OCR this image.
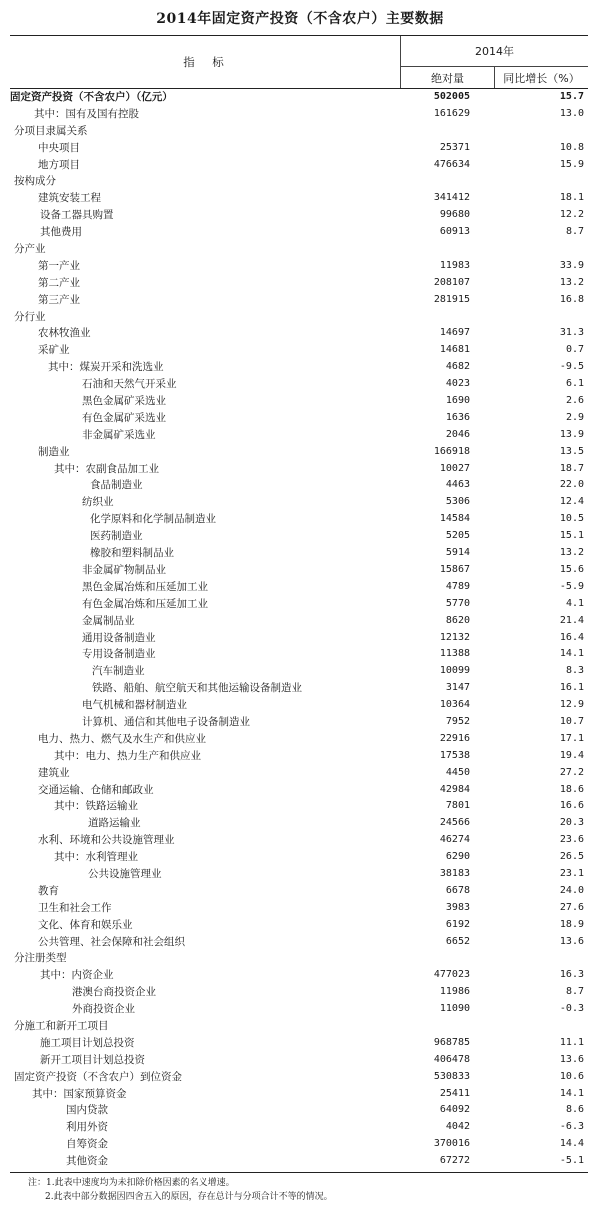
2014年固定资产投资（不含农户）主要数据
指　标
2014年
绝对量	同比增长（%）
固定资产投资（不含农户）（亿元）	502005	15.7
其中：国有及国有控股	161629	13.0
分项目隶属关系
中央项目	25371	10.8
地方项目	476634	15.9
按构成分
建筑安装工程	341412	18.1
设备工器具购置	99680	12.2
其他费用	60913	8.7
分产业
第一产业	11983	33.9
第二产业	208107	13.2
第三产业	281915	16.8
分行业
农林牧渔业	14697	31.3
采矿业	14681	0.7
其中：煤炭开采和洗选业	4682	-9.5
石油和天然气开采业	4023	6.1
黑色金属矿采选业	1690	2.6
有色金属矿采选业	1636	2.9
非金属矿采选业	2046	13.9
制造业	166918	13.5
其中：农副食品加工业	10027	18.7
食品制造业	4463	22.0
纺织业	5306	12.4
化学原料和化学制品制造业	14584	10.5
医药制造业	5205	15.1
橡胶和塑料制品业	5914	13.2
非金属矿物制品业	15867	15.6
黑色金属冶炼和压延加工业	4789	-5.9
有色金属冶炼和压延加工业	5770	4.1
金属制品业	8620	21.4
通用设备制造业	12132	16.4
专用设备制造业	11388	14.1
汽车制造业	10099	8.3
铁路、船舶、航空航天和其他运输设备制造业	3147	16.1
电气机械和器材制造业	10364	12.9
计算机、通信和其他电子设备制造业	7952	10.7
电力、热力、燃气及水生产和供应业	22916	17.1
其中：电力、热力生产和供应业	17538	19.4
建筑业	4450	27.2
交通运输、仓储和邮政业	42984	18.6
其中：铁路运输业	7801	16.6
道路运输业	24566	20.3
水利、环境和公共设施管理业	46274	23.6
其中：水利管理业	6290	26.5
公共设施管理业	38183	23.1
教育	6678	24.0
卫生和社会工作	3983	27.6
文化、体育和娱乐业	6192	18.9
公共管理、社会保障和社会组织	6652	13.6
分注册类型
其中：内资企业	477023	16.3
港澳台商投资企业	11986	8.7
外商投资企业	11090	-0.3
分施工和新开工项目
施工项目计划总投资	968785	11.1
新开工项目计划总投资	406478	13.6
固定资产投资（不含农户）到位资金	530833	10.6
其中：国家预算资金	25411	14.1
国内贷款	64092	8.6
利用外资	4042	-6.3
自筹资金	370016	14.4
其他资金	67272	-5.1
注：1.此表中速度均为未扣除价格因素的名义增速。
2.此表中部分数据因四舍五入的原因，存在总计与分项合计不等的情况。
